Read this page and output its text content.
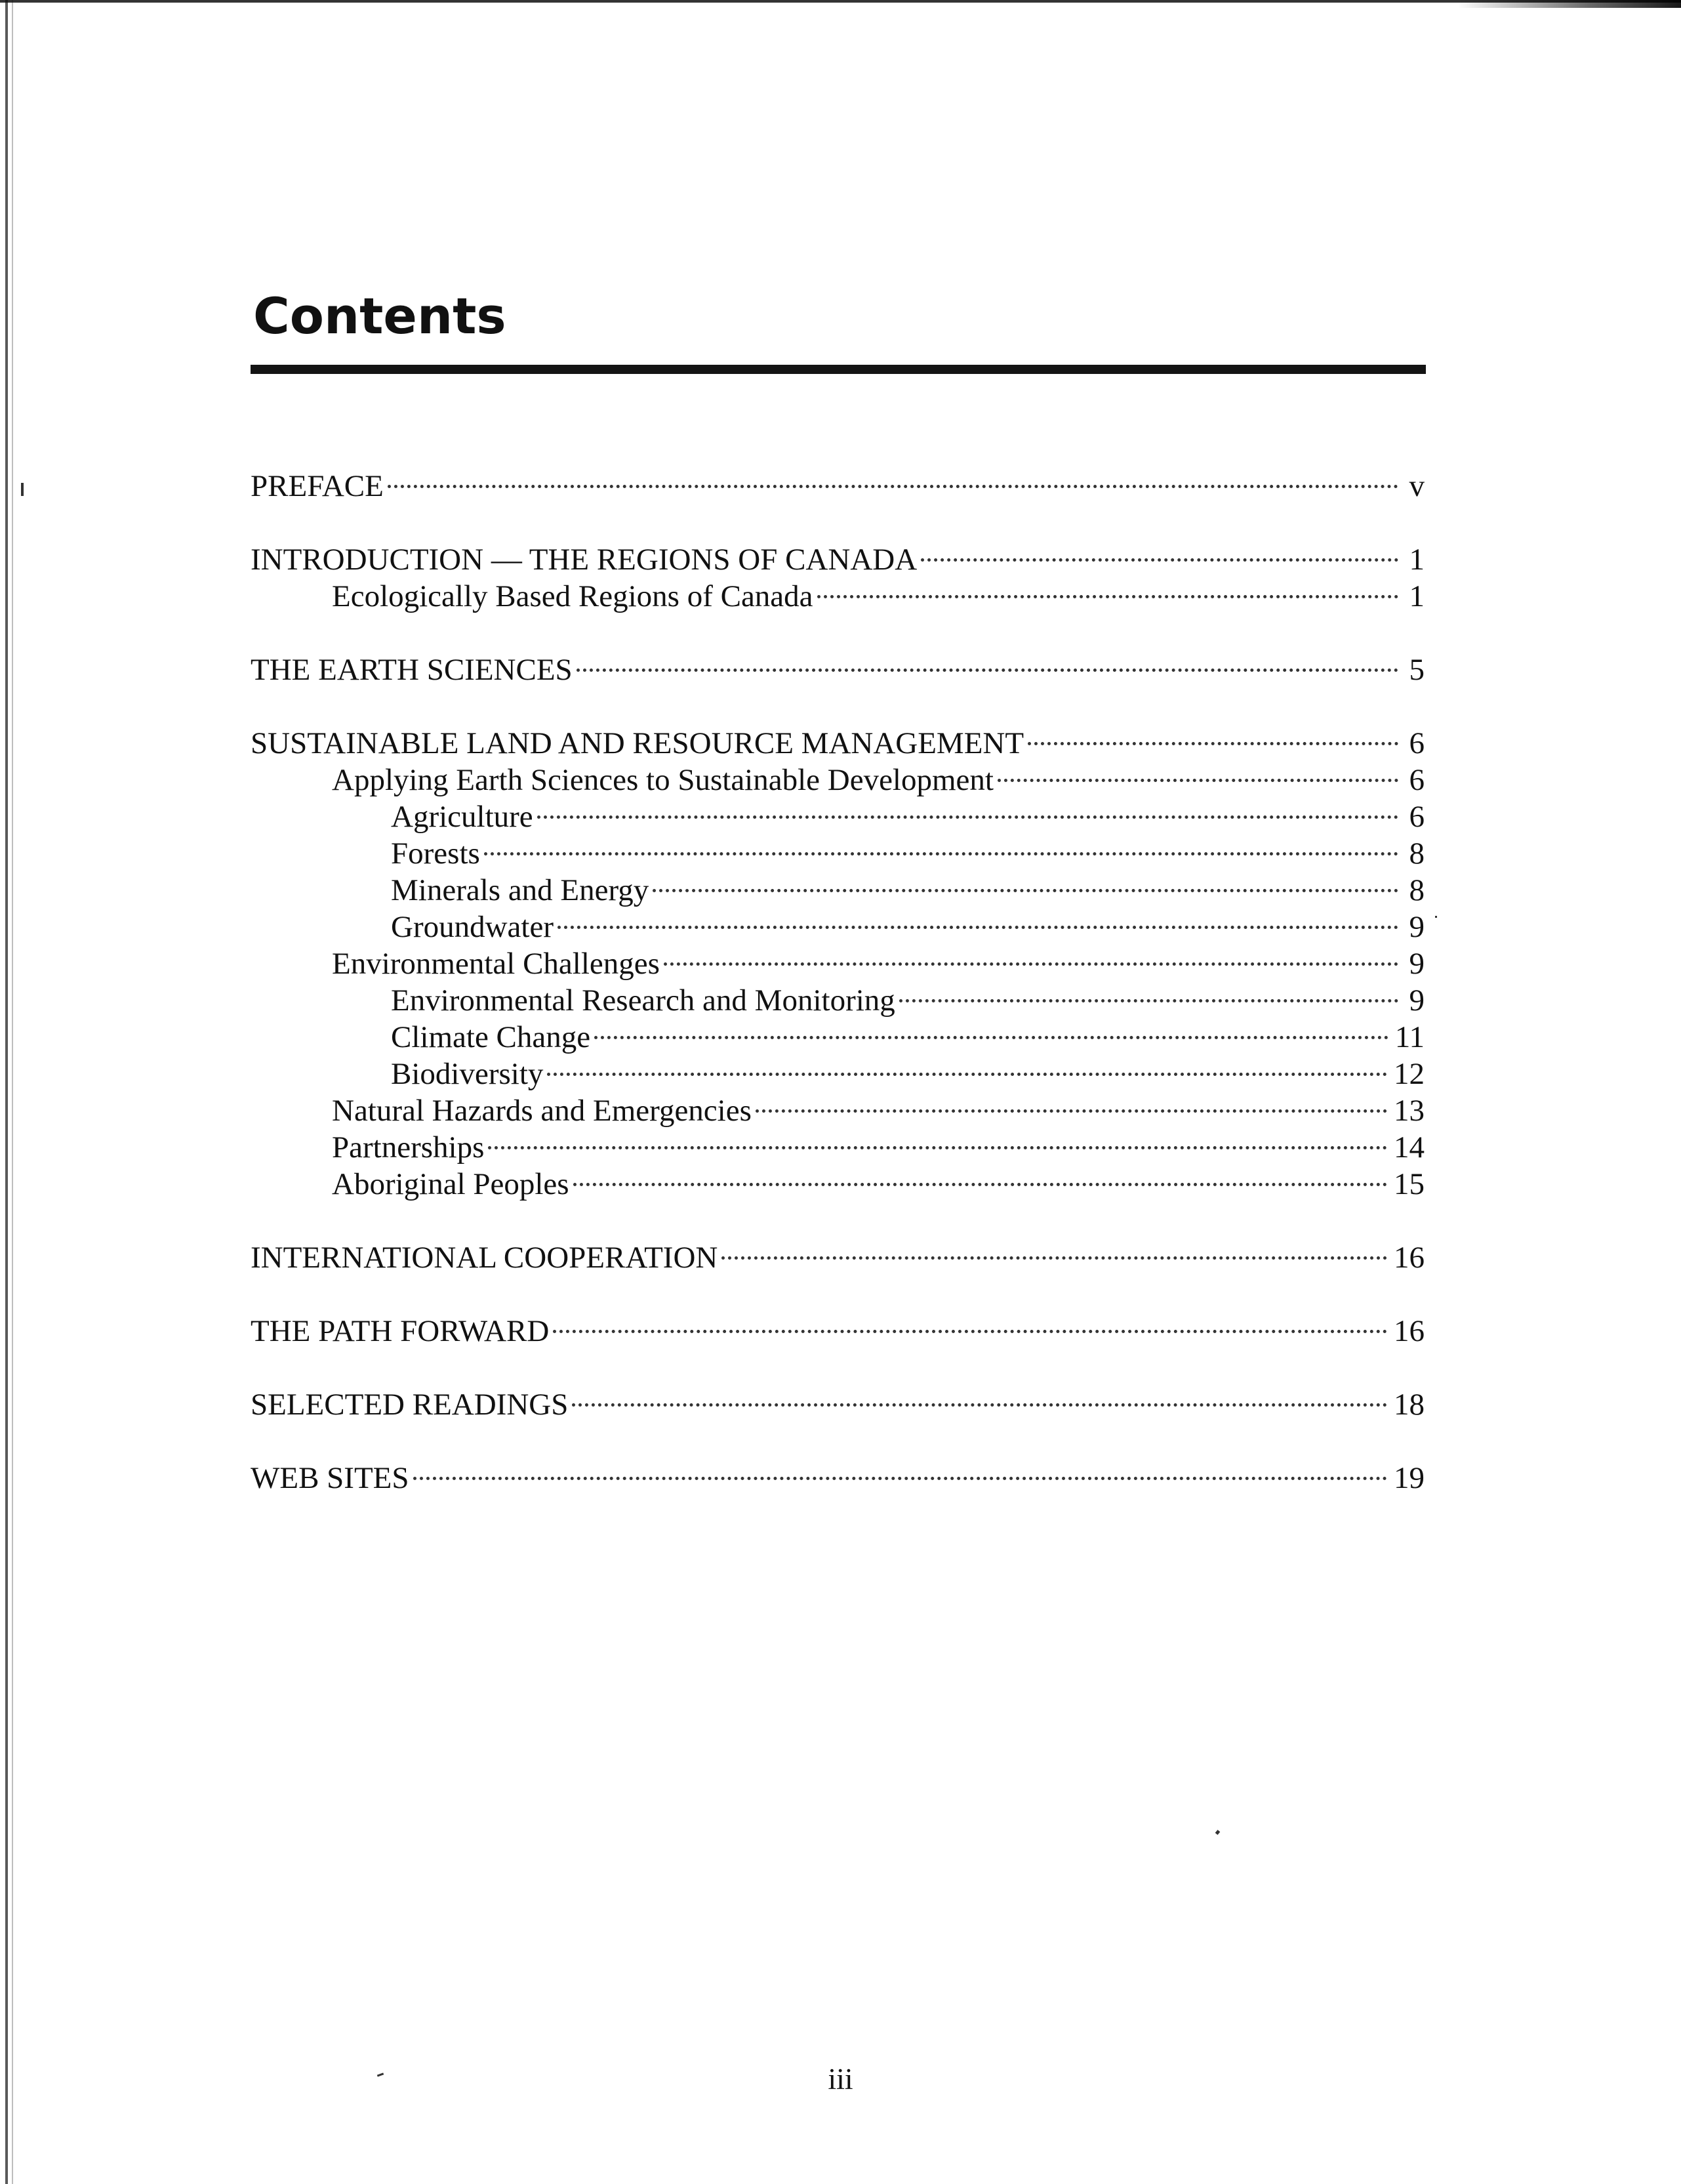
Contents
PREFACE	v
INTRODUCTION — THE REGIONS OF CANADA	1
Ecologically Based Regions of Canada	1
THE EARTH SCIENCES	5
SUSTAINABLE LAND AND RESOURCE MANAGEMENT	6
Applying Earth Sciences to Sustainable Development	6
Agriculture	6
Forests	8
Minerals and Energy	8
Groundwater	9
Environmental Challenges	9
Environmental Research and Monitoring	9
Climate Change	11
Biodiversity	12
Natural Hazards and Emergencies	13
Partnerships	14
Aboriginal Peoples	15
INTERNATIONAL COOPERATION	16
THE PATH FORWARD	16
SELECTED READINGS	18
WEB SITES	19
iii
